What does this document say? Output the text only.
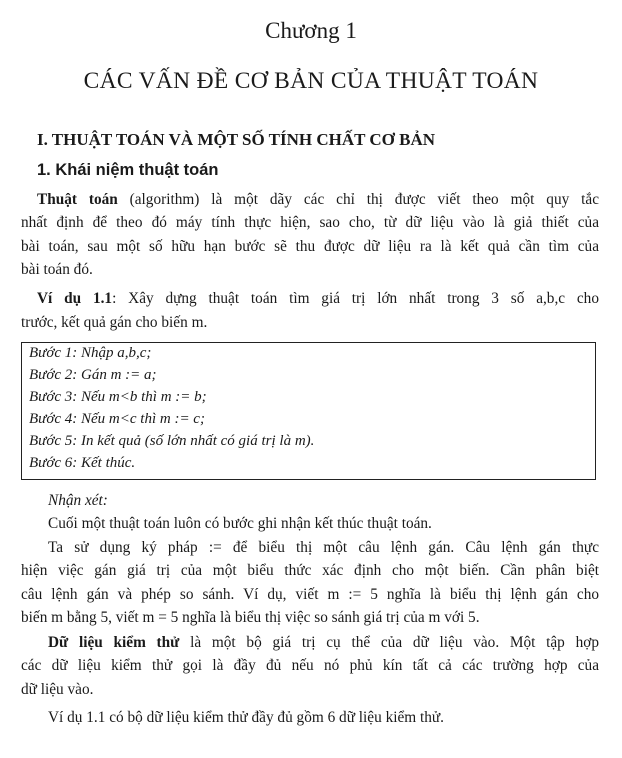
Chương 1
CÁC VẤN ĐỀ CƠ BẢN CỦA THUẬT TOÁN
I. THUẬT TOÁN VÀ MỘT SỐ TÍNH CHẤT CƠ BẢN
1. Khái niệm thuật toán
Thuật toán (algorithm) là một dãy các chỉ thị được viết theo một quy tắc
nhất định để theo đó máy tính thực hiện, sao cho, từ dữ liệu vào là giả thiết của
bài toán, sau một số hữu hạn bước sẽ thu được dữ liệu ra là kết quả cần tìm của
bài toán đó.
Ví dụ 1.1: Xây dựng thuật toán tìm giá trị lớn nhất trong 3 số a,b,c cho
trước, kết quả gán cho biến m.
Bước 1: Nhập a,b,c;
Bước 2: Gán m := a;
Bước 3: Nếu m<b thì m := b;
Bước 4: Nếu m<c thì m := c;
Bước 5: In kết quả (số lớn nhất có giá trị là m).
Bước 6: Kết thúc.
Nhận xét:
Cuối một thuật toán luôn có bước ghi nhận kết thúc thuật toán.
Ta sử dụng ký pháp := để biểu thị một câu lệnh gán. Câu lệnh gán thực
hiện việc gán giá trị của một biểu thức xác định cho một biến. Cần phân biệt
câu lệnh gán và phép so sánh. Ví dụ, viết m := 5 nghĩa là biểu thị lệnh gán cho
biến m bằng 5, viết m = 5 nghĩa là biểu thị việc so sánh giá trị của m với 5.
Dữ liệu kiểm thử là một bộ giá trị cụ thể của dữ liệu vào. Một tập hợp
các dữ liệu kiểm thử gọi là đầy đủ nếu nó phủ kín tất cả các trường hợp của
dữ liệu vào.
Ví dụ 1.1 có bộ dữ liệu kiểm thử đầy đủ gồm 6 dữ liệu kiểm thử.
